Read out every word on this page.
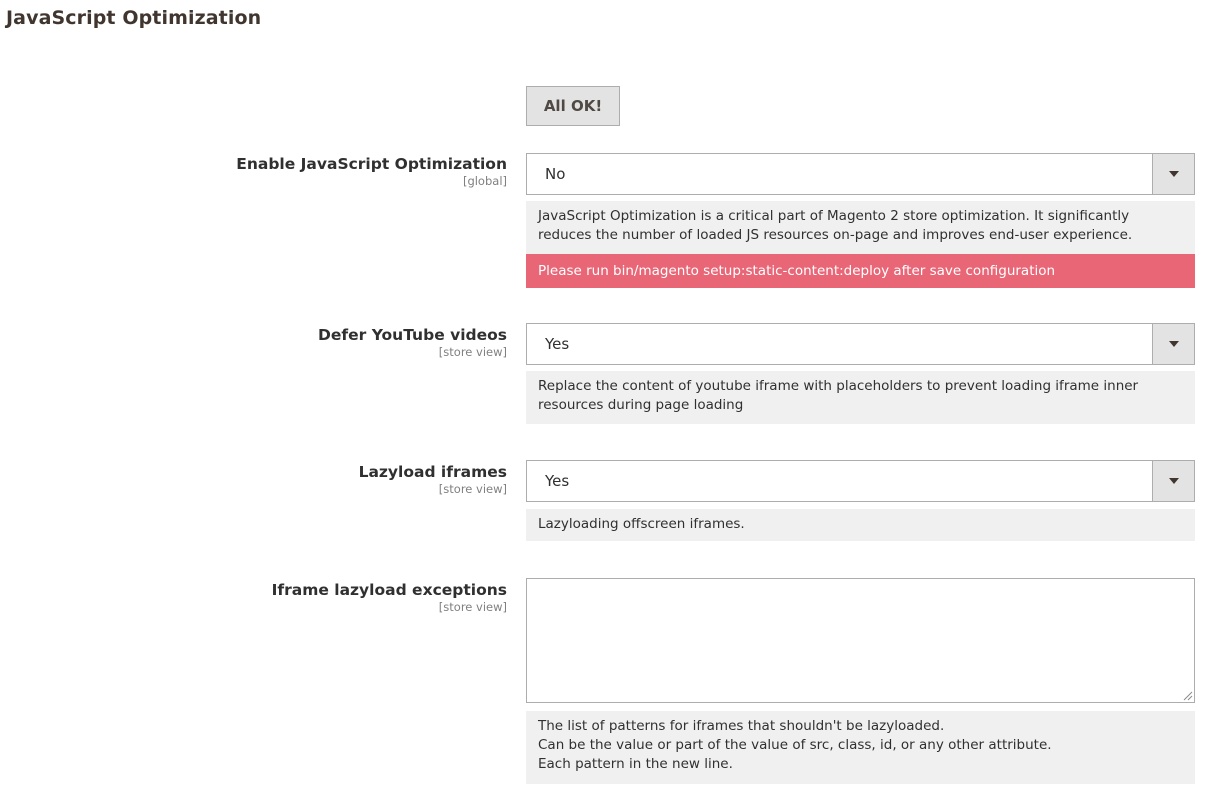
JavaScript Optimization
All OK!
Enable JavaScript Optimization
[global]	No
JavaScript Optimization is a critical part of Magento 2 store optimization. It significantly reduces the number of loaded JS resources on-page and improves end-user experience.
Please run bin/magento setup:static-content:deploy after save configuration
Defer YouTube videos
[store view]	Yes
Replace the content of youtube iframe with placeholders to prevent loading iframe inner resources during page loading
Lazyload iframes
[store view]	Yes
Lazyloading offscreen iframes.
Iframe lazyload exceptions
[store view]
The list of patterns for iframes that shouldn't be lazyloaded.
Can be the value or part of the value of src, class, id, or any other attribute.
Each pattern in the new line.
